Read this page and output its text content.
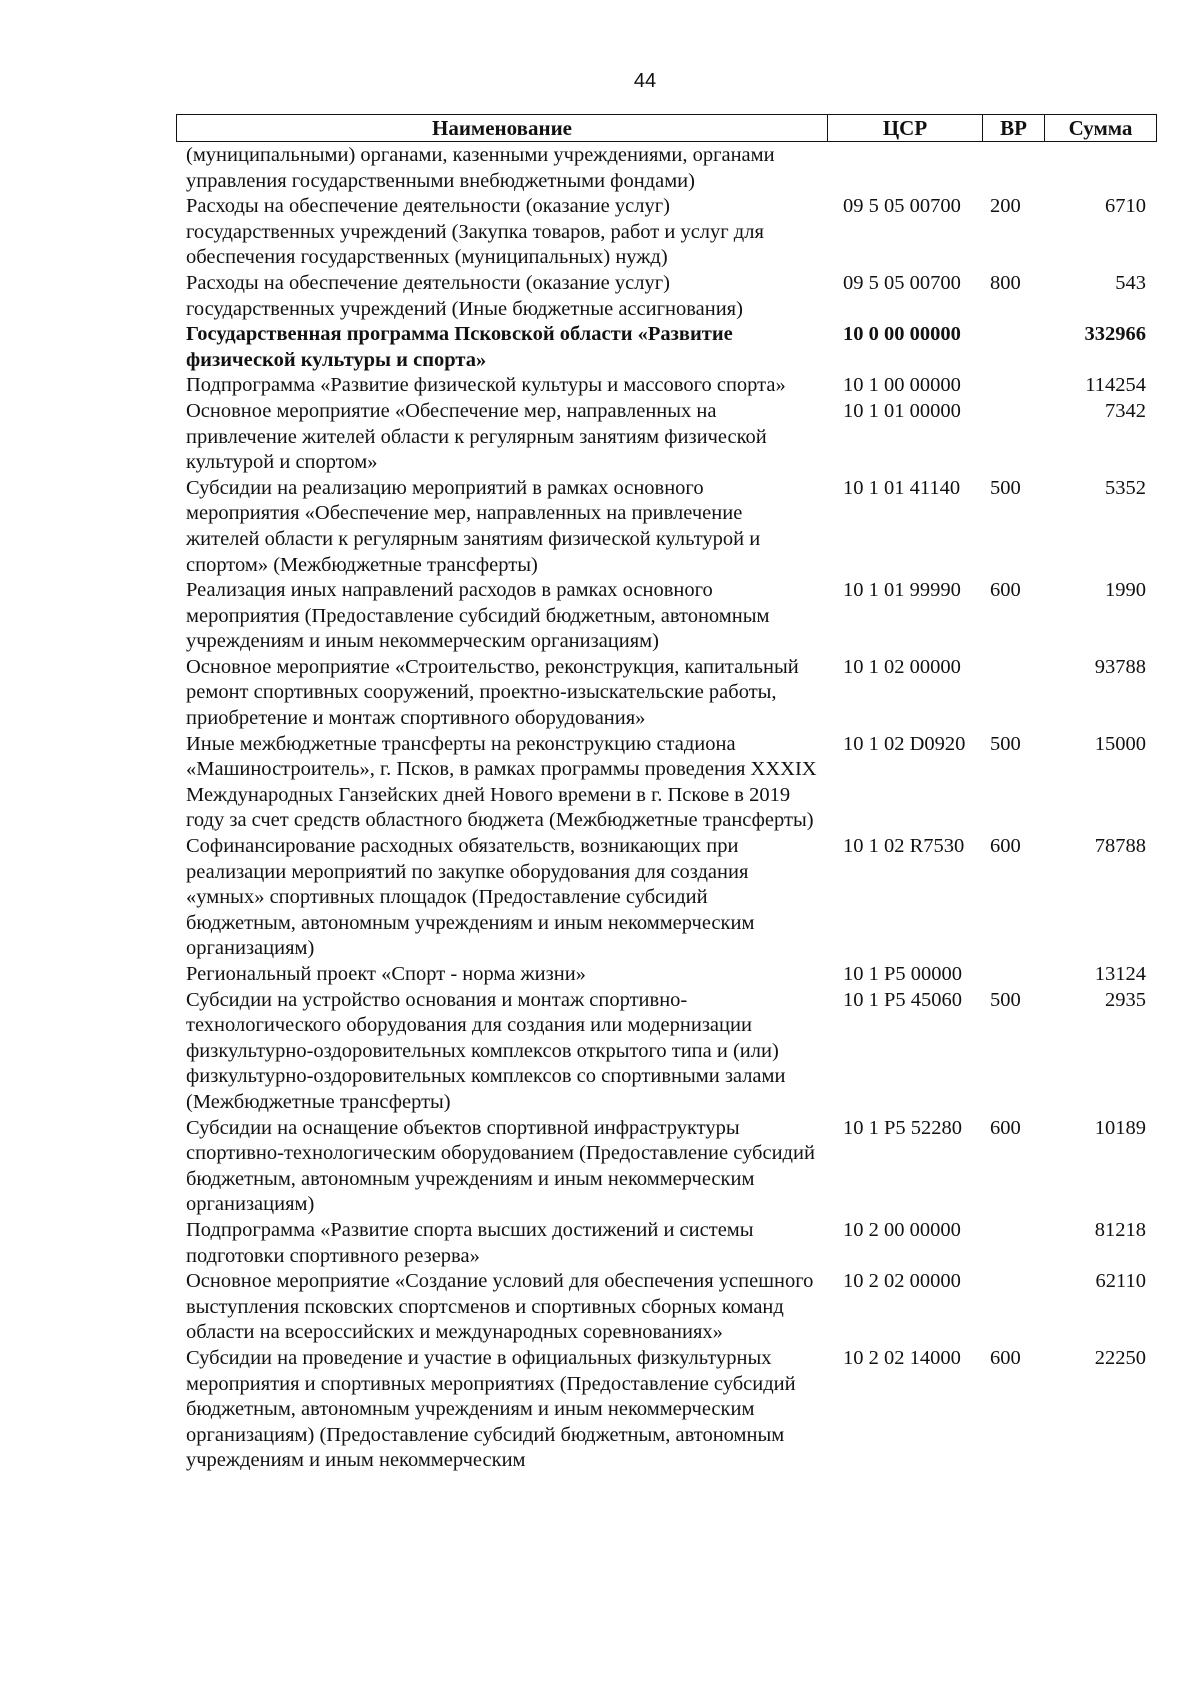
44
Наименование	ЦСР	ВР	Сумма
(муниципальными) органами, казенными учреждениями, органами управления государственными внебюджетными фондами)			
Расходы на обеспечение деятельности (оказание услуг) государственных учреждений (Закупка товаров, работ и услуг для обеспечения государственных (муниципальных) нужд)	09 5 05 00700	200	6710
Расходы на обеспечение деятельности (оказание услуг) государственных учреждений (Иные бюджетные ассигнования)	09 5 05 00700	800	543
Государственная программа Псковской области «Развитие физической культуры и спорта»	10 0 00 00000		332966
Подпрограмма «Развитие физической культуры и массового спорта»	10 1 00 00000		114254
Основное мероприятие «Обеспечение мер, направленных на привлечение жителей области к регулярным занятиям физической культурой и спортом»	10 1 01 00000		7342
Субсидии на реализацию мероприятий в рамках основного мероприятия «Обеспечение мер, направленных на привлечение жителей области к регулярным занятиям физической культурой и спортом» (Межбюджетные трансферты)	10 1 01 41140	500	5352
Реализация иных направлений расходов в рамках основного мероприятия (Предоставление субсидий бюджетным, автономным учреждениям и иным некоммерческим организациям)	10 1 01 99990	600	1990
Основное мероприятие «Строительство, реконструкция, капитальный ремонт спортивных сооружений, проектно-изыскательские работы, приобретение и монтаж спортивного оборудования»	10 1 02 00000		93788
Иные межбюджетные трансферты на реконструкцию стадиона «Машиностроитель», г. Псков, в рамках программы проведения XXXIX Международных Ганзейских дней Нового времени в г. Пскове в 2019 году за счет средств областного бюджета (Межбюджетные трансферты)	10 1 02 D0920	500	15000
Софинансирование расходных обязательств, возникающих при реализации мероприятий по закупке оборудования для создания «умных» спортивных площадок (Предоставление субсидий бюджетным, автономным учреждениям и иным некоммерческим организациям)	10 1 02 R7530	600	78788
Региональный проект «Спорт - норма жизни»	10 1 P5 00000		13124
Субсидии на устройство основания и монтаж спортивно-технологического оборудования для создания или модернизации физкультурно-оздоровительных комплексов открытого типа и (или) физкультурно-оздоровительных комплексов со спортивными залами (Межбюджетные трансферты)	10 1 P5 45060	500	2935
Субсидии на оснащение объектов спортивной инфраструктуры спортивно-технологическим оборудованием (Предоставление субсидий бюджетным, автономным учреждениям и иным некоммерческим организациям)	10 1 P5 52280	600	10189
Подпрограмма «Развитие спорта высших достижений и системы подготовки спортивного резерва»	10 2 00 00000		81218
Основное мероприятие «Создание условий для обеспечения успешного выступления псковских спортсменов и спортивных сборных команд области на всероссийских и международных соревнованиях»	10 2 02 00000		62110
Субсидии на проведение и участие в официальных физкультурных мероприятия и спортивных мероприятиях (Предоставление субсидий бюджетным, автономным учреждениям и иным некоммерческим организациям) (Предоставление субсидий бюджетным, автономным учреждениям и иным некоммерческим	10 2 02 14000	600	22250
